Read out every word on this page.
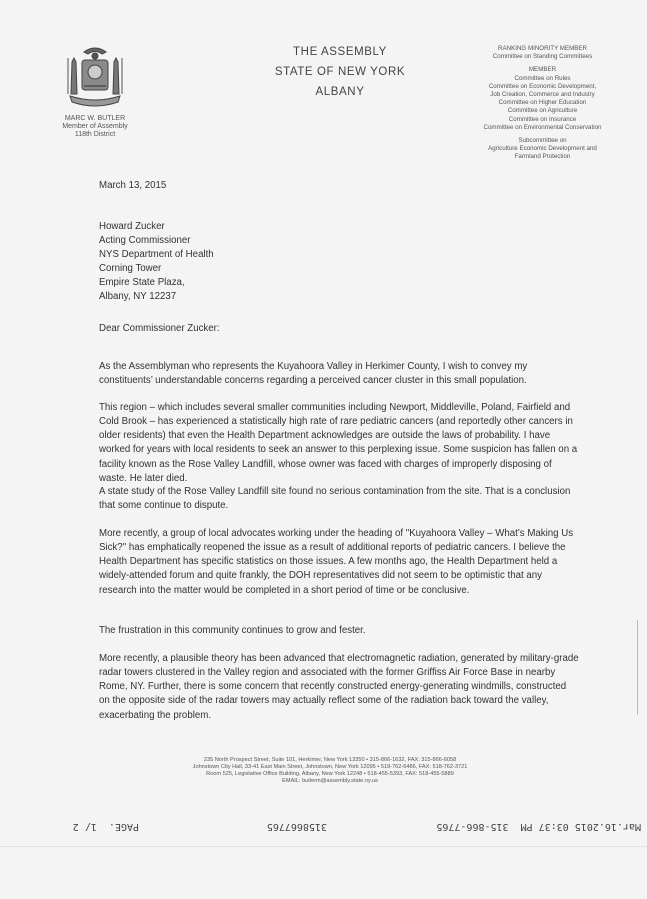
MARC W. BUTLER
Member of Assembly
118th District
THE ASSEMBLY
STATE OF NEW YORK
ALBANY
RANKING MINORITY MEMBER
Committee on Standing Committees
MEMBER
Committee on Rules
Committee on Economic Development,
Job Creation, Commerce and Industry
Committee on Higher Education
Committee on Agriculture
Committee on Insurance
Committee on Environmental Conservation
Subcommittee on
Agriculture Economic Development and
Farmland Protection
March 13, 2015
Howard Zucker
Acting Commissioner
NYS Department of Health
Corning Tower
Empire State Plaza,
Albany, NY 12237
Dear Commissioner Zucker:

As the Assemblyman who represents the Kuyahoora Valley in Herkimer County, I wish to convey my constituents’ understandable concerns regarding a perceived cancer cluster in this small population.

This region – which includes several smaller communities including Newport, Middleville, Poland, Fairfield and Cold Brook – has experienced a statistically high rate of rare pediatric cancers (and reportedly other cancers in older residents) that even the Health Department acknowledges are outside the laws of probability. I have worked for years with local residents to seek an answer to this perplexing issue. Some suspicion has fallen on a facility known as the Rose Valley Landfill, whose owner was faced with charges of improperly disposing of waste. He later died.

A state study of the Rose Valley Landfill site found no serious contamination from the site. That is a conclusion that some continue to dispute.

More recently, a group of local advocates working under the heading of "Kuyahoora Valley – What’s Making Us Sick?" has emphatically reopened the issue as a result of additional reports of pediatric cancers. I believe the Health Department has specific statistics on those issues. A few months ago, the Health Department held a widely-attended forum and quite frankly, the DOH representatives did not seem to be optimistic that any research into the matter would be completed in a short period of time or be conclusive.

The frustration in this community continues to grow and fester.

More recently, a plausible theory has been advanced that electromagnetic radiation, generated by military-grade radar towers clustered in the Valley region and associated with the former Griffiss Air Force Base in nearby Rome, NY. Further, there is some concern that recently constructed energy-generating windmills, constructed on the opposite side of the radar towers may actually reflect some of the radiation back toward the valley, exacerbating the problem.

235 North Prospect Street, Suite 101, Herkimer, New York 13350 • 315-866-1632, FAX: 315-866-6058
Johnstown City Hall, 33-41 East Main Street, Johnstown, New York 12095 • 518-762-6486, FAX: 518-762-3721
Room 525, Legislative Office Building, Albany, New York 12248 • 518-455-5393, FAX: 518-455-5889
EMAIL: butlerm@assembly.state.ny.us
Mar.16.2015 03:37 PM  315-866-7765
3158667765
PAGE.  1/ 2
